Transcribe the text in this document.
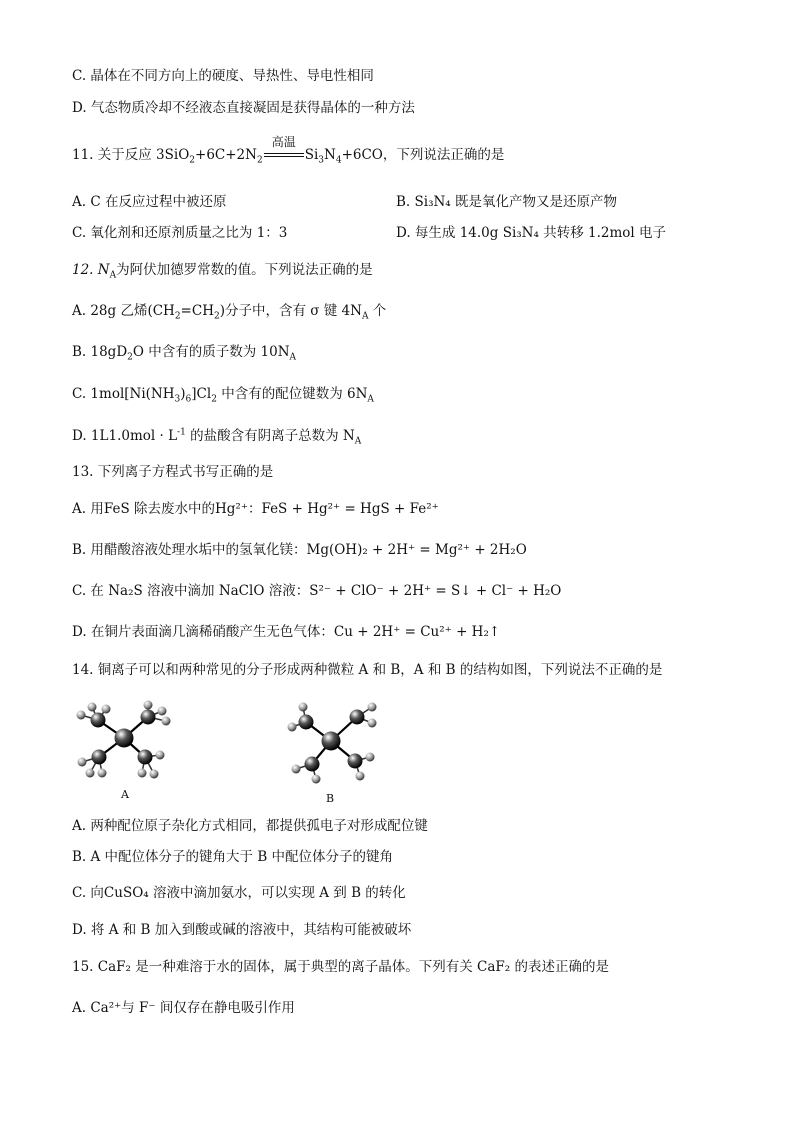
C. 晶体在不同方向上的硬度、导热性、导电性相同
D. 气态物质冷却不经液态直接凝固是获得晶体的一种方法
11. 关于反应 $3SiO_2+6C+2N_2$
高温
$Si_3N_4+6CO$，下列说法正确的是
A. C 在反应过程中被还原	B. Si₃N₄ 既是氧化产物又是还原产物
C. 氧化剂和还原剂质量之比为 1：3	D. 每生成 14.0g Si₃N₄ 共转移 1.2mol 电子
12. $N_A$为阿伏加德罗常数的值。下列说法正确的是
A. 28g 乙烯$(CH_2=CH_2)$分子中，含有 σ 键 $4N_A$ 个
B. $18gD_2O$ 中含有的质子数为 $10N_A$
C. $1mol[Ni(NH_3)_6]Cl_2$ 中含有的配位键数为 $6N_A$
D. $1L1.0mol \cdot L^{-1}$ 的盐酸含有阴离子总数为 $N_A$
13. 下列离子方程式书写正确的是
A. 用FeS 除去废水中的Hg²⁺：FeS + Hg²⁺ = HgS + Fe²⁺
B. 用醋酸溶液处理水垢中的氢氧化镁：Mg(OH)₂ + 2H⁺ = Mg²⁺ + 2H₂O
C. 在 Na₂S 溶液中滴加 NaClO 溶液：S²⁻ + ClO⁻ + 2H⁺ = S↓ + Cl⁻ + H₂O
D. 在铜片表面滴几滴稀硝酸产生无色气体：Cu + 2H⁺ = Cu²⁺ + H₂↑
14. 铜离子可以和两种常见的分子形成两种微粒 A 和 B，A 和 B 的结构如图，下列说法不正确的是
A	B
A. 两种配位原子杂化方式相同，都提供孤电子对形成配位键
B. A 中配位体分子的键角大于 B 中配位体分子的键角
C. 向CuSO₄ 溶液中滴加氨水，可以实现 A 到 B 的转化
D. 将 A 和 B 加入到酸或碱的溶液中，其结构可能被破坏
15. CaF₂ 是一种难溶于水的固体，属于典型的离子晶体。下列有关 CaF₂ 的表述正确的是
A. Ca²⁺与 F⁻ 间仅存在静电吸引作用
